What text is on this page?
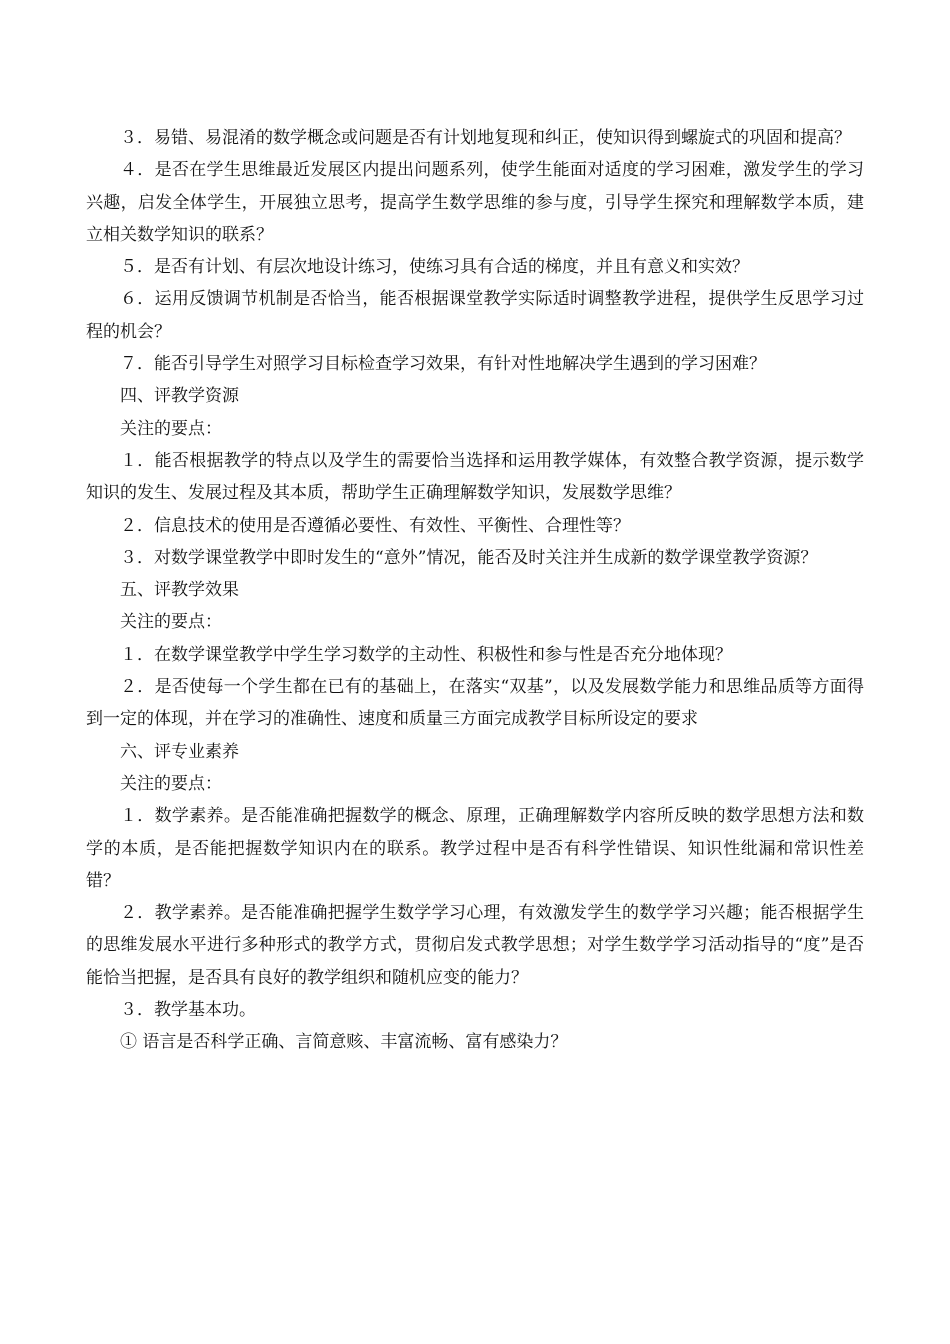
３．易错、易混淆的数学概念或问题是否有计划地复现和纠正，使知识得到螺旋式的巩固和提高？

４．是否在学生思维最近发展区内提出问题系列，使学生能面对适度的学习困难，激发学生的学习兴趣，启发全体学生，开展独立思考，提高学生数学思维的参与度，引导学生探究和理解数学本质，建立相关数学知识的联系？

５．是否有计划、有层次地设计练习，使练习具有合适的梯度，并且有意义和实效？

６．运用反馈调节机制是否恰当，能否根据课堂教学实际适时调整教学进程，提供学生反思学习过程的机会？

７．能否引导学生对照学习目标检查学习效果，有针对性地解决学生遇到的学习困难？

四、评教学资源

关注的要点：

１．能否根据教学的特点以及学生的需要恰当选择和运用教学媒体，有效整合教学资源，提示数学知识的发生、发展过程及其本质，帮助学生正确理解数学知识，发展数学思维？

２．信息技术的使用是否遵循必要性、有效性、平衡性、合理性等？

３．对数学课堂教学中即时发生的“意外”情况，能否及时关注并生成新的数学课堂教学资源？

五、评教学效果

关注的要点：

１．在数学课堂教学中学生学习数学的主动性、积极性和参与性是否充分地体现？

２．是否使每一个学生都在已有的基础上，在落实“双基”，以及发展数学能力和思维品质等方面得到一定的体现，并在学习的准确性、速度和质量三方面完成教学目标所设定的要求

六、评专业素养

关注的要点：

１．数学素养。是否能准确把握数学的概念、原理，正确理解数学内容所反映的数学思想方法和数学的本质，是否能把握数学知识内在的联系。教学过程中是否有科学性错误、知识性纰漏和常识性差错？

２．教学素养。是否能准确把握学生数学学习心理，有效激发学生的数学学习兴趣；能否根据学生的思维发展水平进行多种形式的教学方式，贯彻启发式教学思想；对学生数学学习活动指导的“度”是否能恰当把握，是否具有良好的教学组织和随机应变的能力？

３．教学基本功。

① 语言是否科学正确、言简意赅、丰富流畅、富有感染力？
